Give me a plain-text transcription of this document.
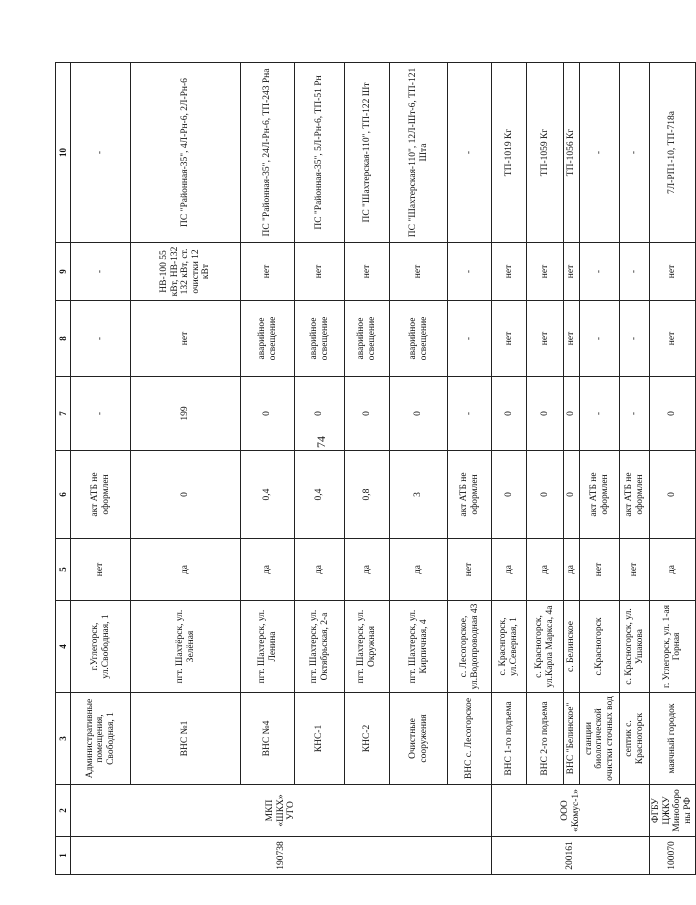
74
1	2	3	4	5	6	7	8	9	10
190738	МКП «ШКХ» УГО	Административные помещения, Свободная, 1	г.Углегорск, ул.Свободная, 1	нет	акт АТБ не оформлен	-	-	-	-
		ВНС №1	пгт. Шахтёрск, ул. Зелёная	да	0	199	нет	НВ-100 55 кВт, НВ-132 132 кВт, ст. очистки 12 кВт	ПС "Районная-35", 4Л-Рн-6, 2Л-Рн-6
		ВНС №4	пгт. Шахтерск, ул. Ленина	да	0,4	0	аварийное освещение	нет	ПС "Районная-35", 24Л-Рн-6, ТП-243 Рна
		КНС-1	пгт. Шахтерск, ул. Октябрьская, 2-а	да	0,4	0	аварийное освещение	нет	ПС "Районная-35", 5Л-Рн-6, ТП-51 Рн
		КНС-2	пгт. Шахтерск, ул. Окружная	да	0,8	0	аварийное освещение	нет	ПС "Шахтерская-110", ТП-122 Шт
		Очистные сооружения	пгт. Шахтерск, ул. Кирпичная, 4	да	3	0	аварийное освещение	нет	ПС "Шахтерская-110", 12Л-Шт-6, ТП-121 Шта
		ВНС с. Лесогорское	с. Лесогорское, ул.Водопроводная 43	нет	акт АТБ не оформлен	-	-	-	-
200161	ООО «Комус-1»	ВНС 1-го подъема	с. Краснгорск, ул.Северная, 1	да	0	0	нет	нет	ТП-1019 Кг
		ВНС 2-го подъема	с. Красногорск, ул.Карла Маркса, 4а	да	0	0	нет	нет	ТП-1059 Кг
		ВНС "Белинское"	с. Белинское	да	0	0	нет	нет	ТП-1056 Кг
		станции биологической очистки сточных вод	с.Красногорск	нет	акт АТБ не оформлен	-	-	-	-
		септик с. Красногорск	с. Красногорск, ул. Ушакова	нет	акт АТБ не оформлен	-	-	-	-
100070	ФГБУ ЦЖКУ Минобороны РФ	маячный городок	г. Углегорск, ул. 1-ая Горная	да	0	0	нет	нет	7Л-РП1-10, ТП-718а
